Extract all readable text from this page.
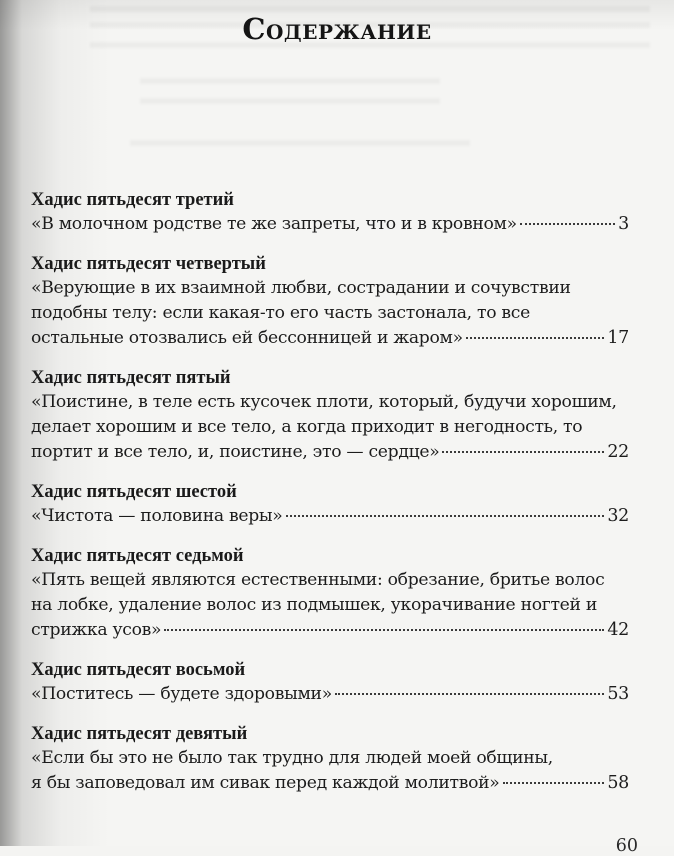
Содержание
Хадис пятьдесят третий
«В молочном родстве те же запреты, что и в кровном»	3
Хадис пятьдесят четвертый
«Верующие в их взаимной любви, сострадании и сочувствии
подобны телу: если какая-то его часть застонала, то все
остальные отозвались ей бессонницей и жаром»	17
Хадис пятьдесят пятый
«Поистине, в теле есть кусочек плоти, который, будучи хорошим,
делает хорошим и все тело, а когда приходит в негодность, то
портит и все тело, и, поистине, это — сердце»	22
Хадис пятьдесят шестой
«Чистота — половина веры»	32
Хадис пятьдесят седьмой
«Пять вещей являются естественными: обрезание, бритье волос
на лобке, удаление волос из подмышек, укорачивание ногтей и
стрижка усов»	42
Хадис пятьдесят восьмой
«Поститесь — будете здоровыми»	53
Хадис пятьдесят девятый
«Если бы это не было так трудно для людей моей общины,
я бы заповедовал им сивак перед каждой молитвой»	58
60
